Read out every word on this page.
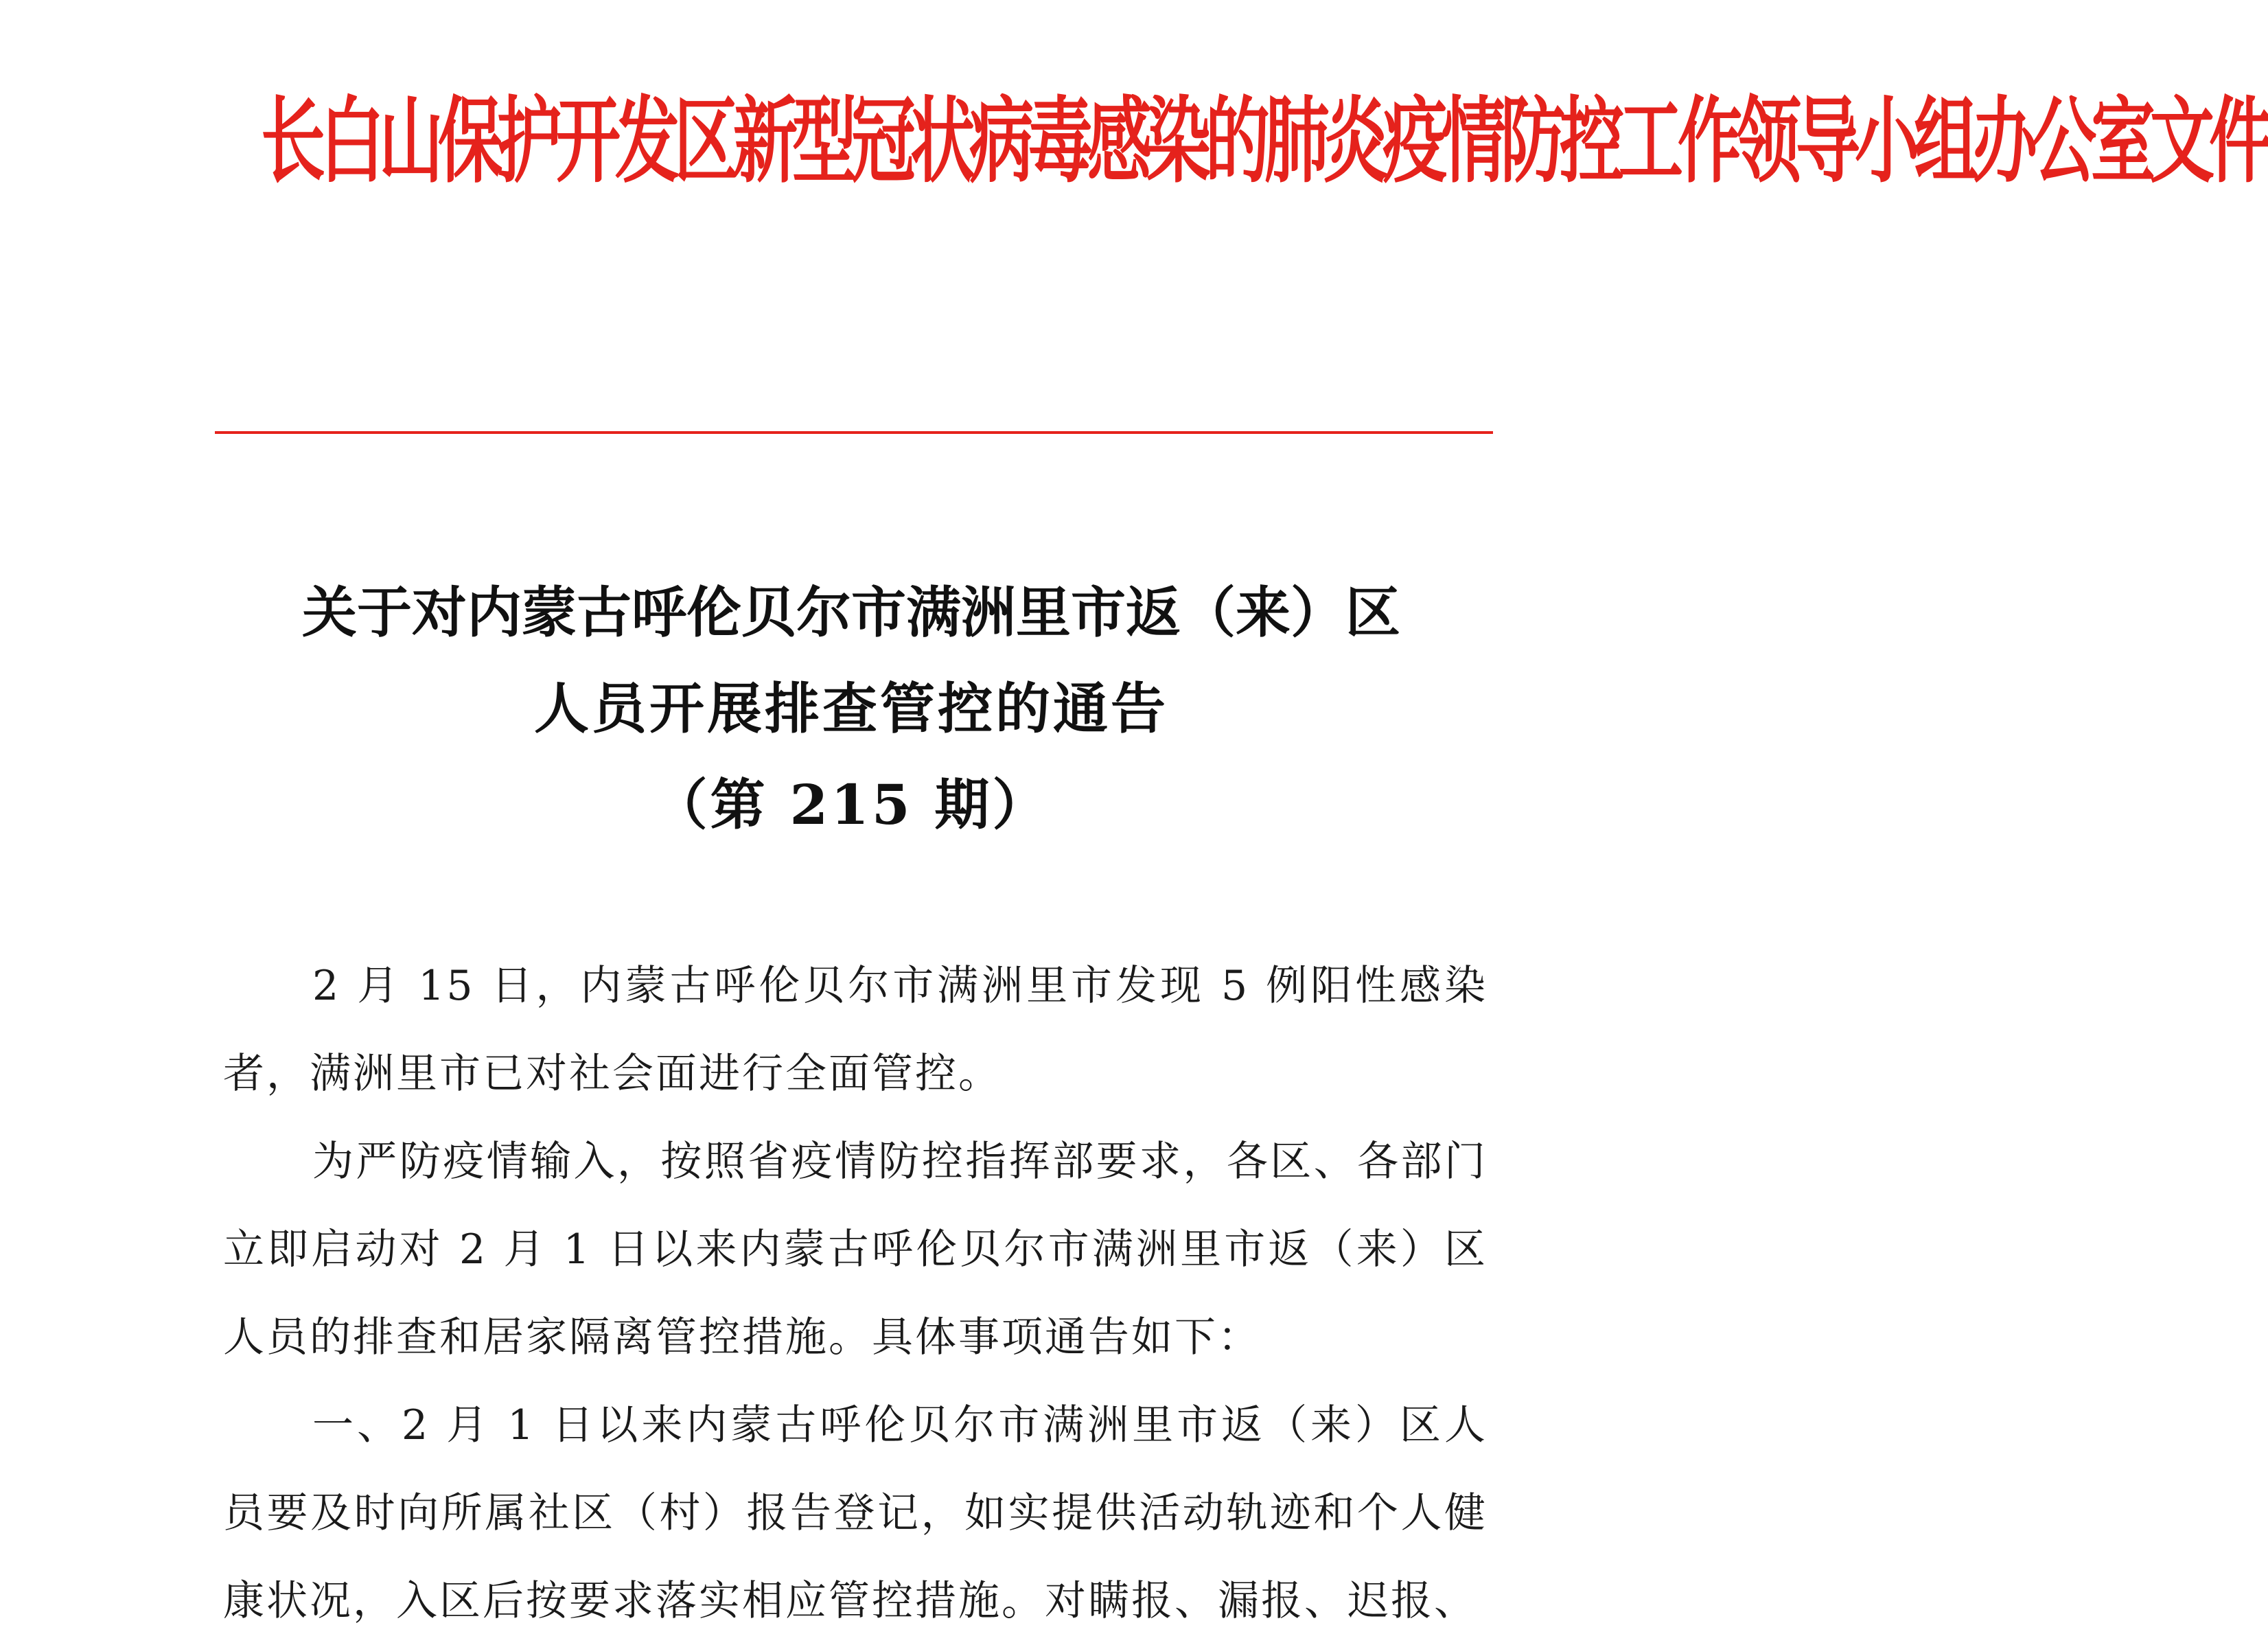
长白山保护开发区新型冠状病毒感染的肺炎疫情防控工作领导小组办公室文件
关于对内蒙古呼伦贝尔市满洲里市返（来）区
人员开展排查管控的通告
（第 215 期）

2 月 15 日，内蒙古呼伦贝尔市满洲里市发现 5 例阳性感染者，满洲里市已对社会面进行全面管控。

为严防疫情输入，按照省疫情防控指挥部要求，各区、各部门立即启动对 2 月 1 日以来内蒙古呼伦贝尔市满洲里市返（来）区人员的排查和居家隔离管控措施。具体事项通告如下：

一、2 月 1 日以来内蒙古呼伦贝尔市满洲里市返（来）区人员要及时向所属社区（村）报告登记，如实提供活动轨迹和个人健康状况，入区后按要求落实相应管控措施。对瞒报、漏报、迟报、
